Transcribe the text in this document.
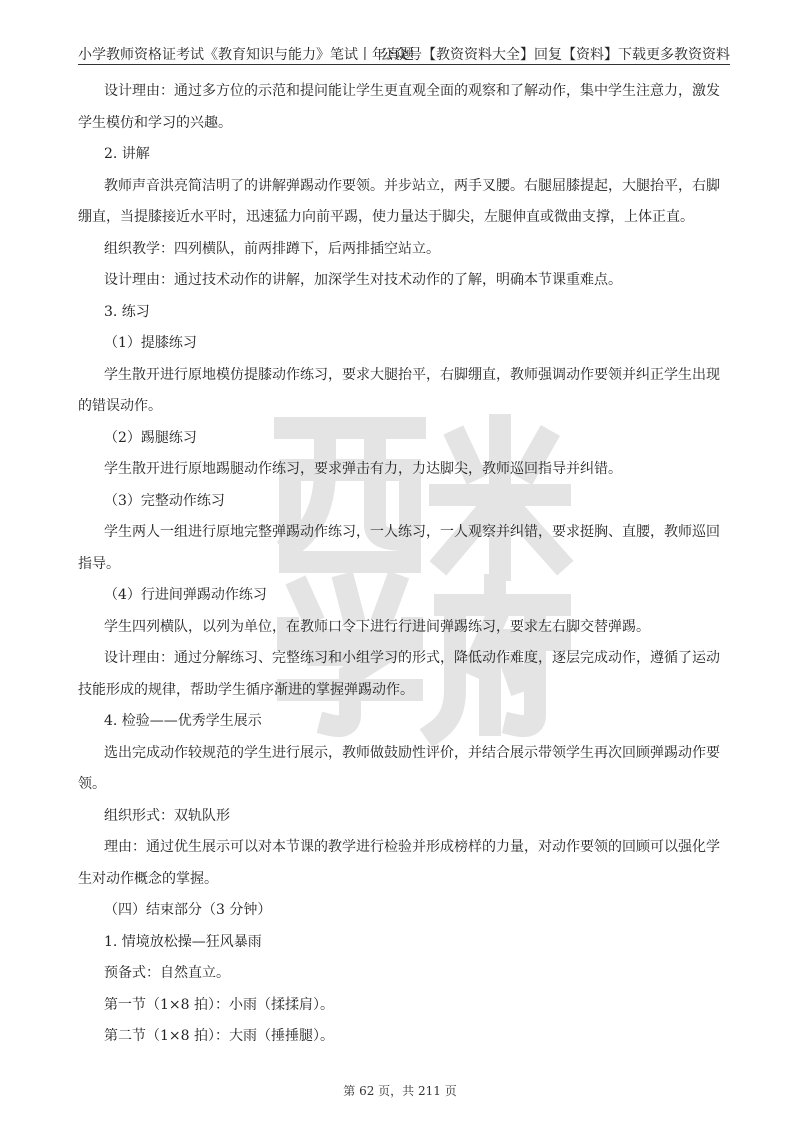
小学教师资格证考试《教育知识与能力》笔试丨年真题
公众号【教资资料大全】回复【资料】下载更多教资资料

设计理由：通过多方位的示范和提问能让学生更直观全面的观察和了解动作，集中学生注意力，激发
学生模仿和学习的兴趣。

2. 讲解

教师声音洪亮简洁明了的讲解弹踢动作要领。并步站立，两手叉腰。右腿屈膝提起，大腿抬平，右脚
绷直，当提膝接近水平时，迅速猛力向前平踢，使力量达于脚尖，左腿伸直或微曲支撑，上体正直。

组织教学：四列横队，前两排蹲下，后两排插空站立。

设计理由：通过技术动作的讲解，加深学生对技术动作的了解，明确本节课重难点。

3. 练习

（1）提膝练习

学生散开进行原地模仿提膝动作练习，要求大腿抬平，右脚绷直，教师强调动作要领并纠正学生出现
的错误动作。

（2）踢腿练习

学生散开进行原地踢腿动作练习，要求弹击有力，力达脚尖，教师巡回指导并纠错。

（3）完整动作练习

学生两人一组进行原地完整弹踢动作练习，一人练习，一人观察并纠错，要求挺胸、直腰，教师巡回
指导。

（4）行进间弹踢动作练习

学生四列横队，以列为单位，在教师口令下进行行进间弹踢练习，要求左右脚交替弹踢。

设计理由：通过分解练习、完整练习和小组学习的形式，降低动作难度，逐层完成动作，遵循了运动
技能形成的规律，帮助学生循序渐进的掌握弹踢动作。

4. 检验——优秀学生展示

选出完成动作较规范的学生进行展示，教师做鼓励性评价，并结合展示带领学生再次回顾弹踢动作要
领。

组织形式：双轨队形

理由：通过优生展示可以对本节课的教学进行检验并形成榜样的力量，对动作要领的回顾可以强化学
生对动作概念的掌握。

（四）结束部分（3 分钟）

1. 情境放松操—狂风暴雨

预备式：自然直立。

第一节（1×8 拍）：小雨（揉揉肩）。

第二节（1×8 拍）：大雨（捶捶腿）。

第 62 页，共 211 页
